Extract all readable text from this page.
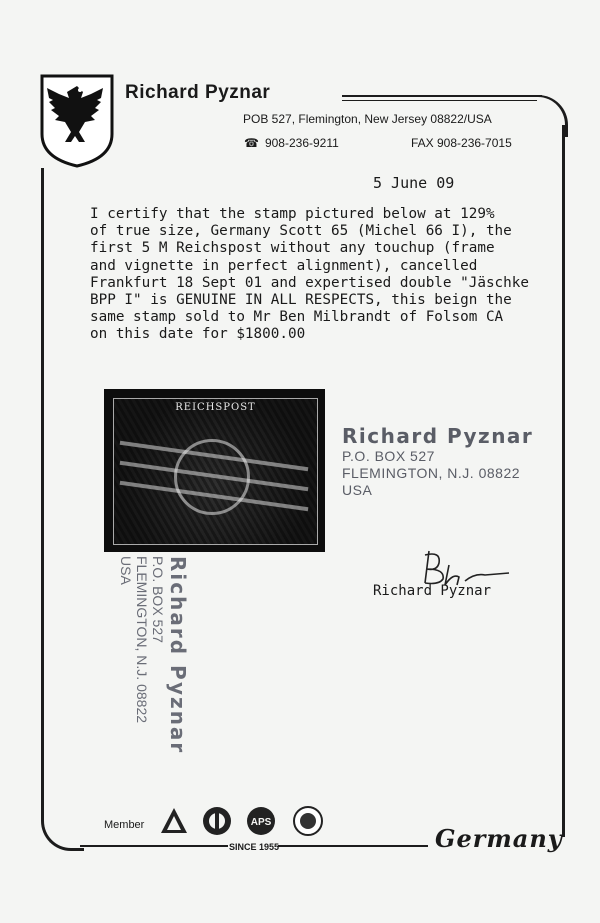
Richard Pyznar
POB 527, Flemington, New Jersey 08822/USA
☎ 908-236-9211	FAX 908-236-7015
5 June 09
I certify that the stamp pictured below at 129%
of true size, Germany Scott 65 (Michel 66 I), the
first 5 M Reichspost without any touchup (frame
and vignette in perfect alignment), cancelled
Frankfurt 18 Sept 01 and expertised double "Jäschke
BPP I" is GENUINE IN ALL RESPECTS, this beign the
same stamp sold to Mr Ben Milbrandt of Folsom CA
on this date for $1800.00
REICHSPOST
Richard Pyznar
P.O. BOX 527
FLEMINGTON, N.J. 08822
USA
Richard Pyznar
P.O. BOX 527
FLEMINGTON, N.J. 08822
USA
Richard Pyznar
Member	APS
SINCE 1955	Germany
